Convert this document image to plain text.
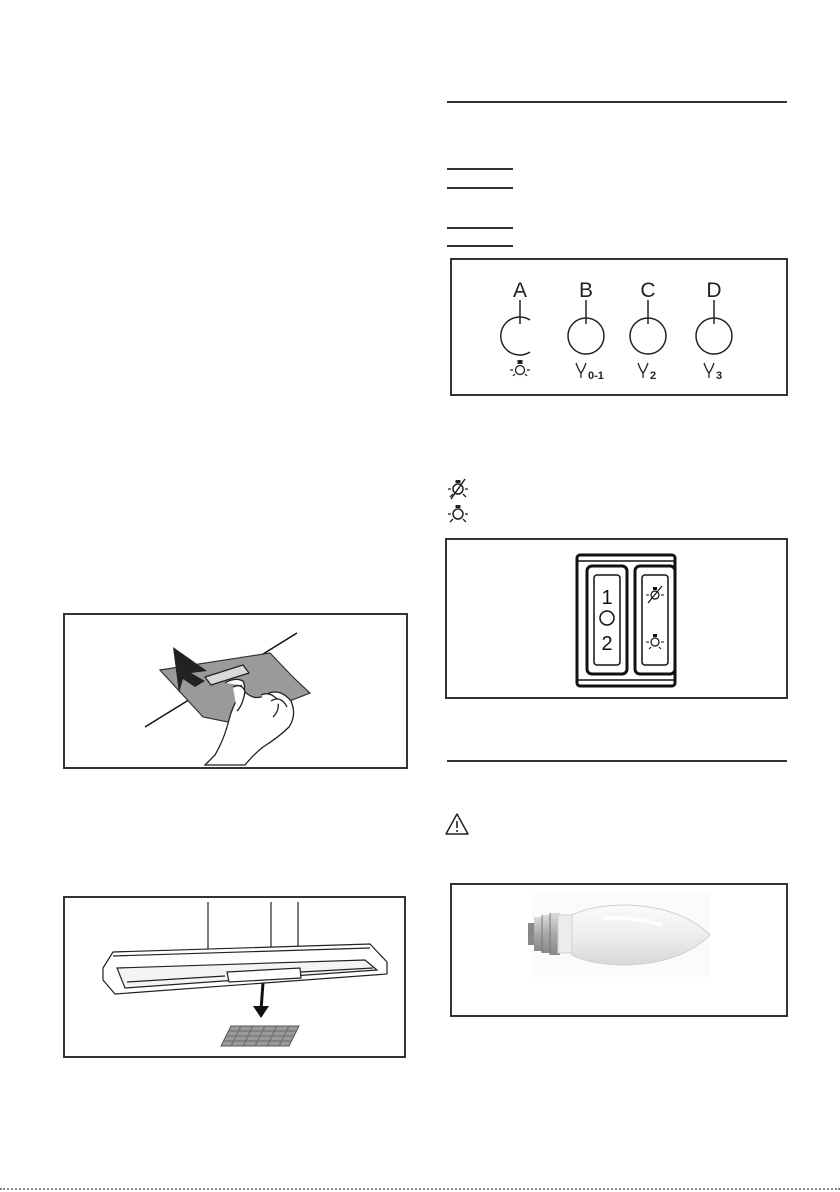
A B
0-1
C
2
D
3
1
2
